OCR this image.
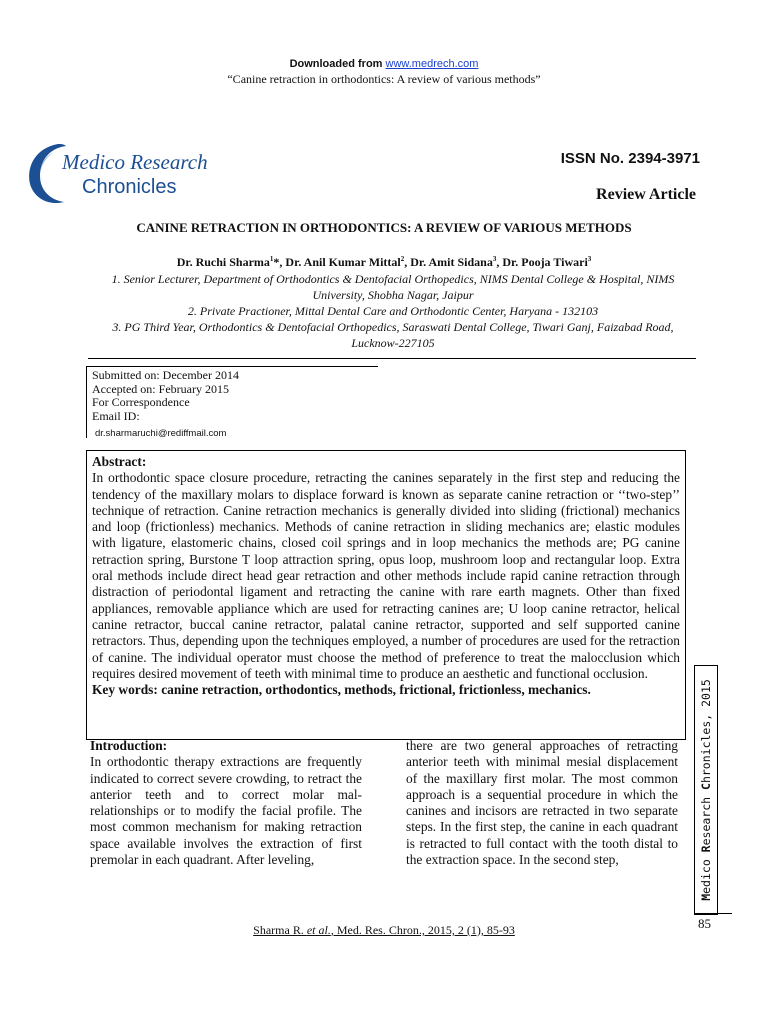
Downloaded from www.medrech.com
“Canine retraction in orthodontics: A review of various methods”
Medico Research
Chronicles
ISSN No. 2394-3971
Review Article
CANINE RETRACTION IN ORTHODONTICS: A REVIEW OF VARIOUS METHODS
Dr. Ruchi Sharma$^1$*, Dr. Anil Kumar Mittal$^2$, Dr. Amit Sidana$^3$, Dr. Pooja Tiwari$^3$
1. Senior Lecturer, Department of Orthodontics & Dentofacial Orthopedics, NIMS Dental College & Hospital, NIMS University, Shobha Nagar, Jaipur
2. Private Practioner, Mittal Dental Care and Orthodontic Center, Haryana - 132103
3. PG Third Year, Orthodontics & Dentofacial Orthopedics, Saraswati Dental College, Tiwari Ganj, Faizabad Road, Lucknow-227105
Submitted on: December 2014
Accepted on: February 2015
For Correspondence
Email ID:
dr.sharmaruchi@rediffmail.com
Abstract:
In orthodontic space closure procedure, retracting the canines separately in the first step and reducing the tendency of the maxillary molars to displace forward is known as separate canine retraction or ‘‘two-step’’ technique of retraction. Canine retraction mechanics is generally divided into sliding (frictional) mechanics and loop (frictionless) mechanics. Methods of canine retraction in sliding mechanics are; elastic modules with ligature, elastomeric chains, closed coil springs and in loop mechanics the methods are; PG canine retraction spring, Burstone T loop attraction spring, opus loop, mushroom loop and rectangular loop. Extra oral methods include direct head gear retraction and other methods include rapid canine retraction through distraction of periodontal ligament and retracting the canine with rare earth magnets. Other than fixed appliances, removable appliance which are used for retracting canines are; U loop canine retractor, helical canine retractor, buccal canine retractor, palatal canine retractor, supported and self supported canine retractors. Thus, depending upon the techniques employed, a number of procedures are used for the retraction of canine. The individual operator must choose the method of preference to treat the malocclusion which requires desired movement of teeth with minimal time to produce an aesthetic and functional occlusion.
Key words: canine retraction, orthodontics, methods, frictional, frictionless, mechanics.
Introduction:
In orthodontic therapy extractions are frequently indicated to correct severe crowding, to retract the anterior teeth and to correct molar mal-relationships or to modify the facial profile. The most common mechanism for making retraction space available involves the extraction of first premolar in each quadrant. After leveling,
there are two general approaches of retracting anterior teeth with minimal mesial displacement of the maxillary first molar. The most common approach is a sequential procedure in which the canines and incisors are retracted in two separate steps. In the first step, the canine in each quadrant is retracted to full contact with the tooth distal to the extraction space. In the second step,
Medico Research Chronicles, 2015
85
Sharma R. et al., Med. Res. Chron., 2015, 2 (1), 85-93
